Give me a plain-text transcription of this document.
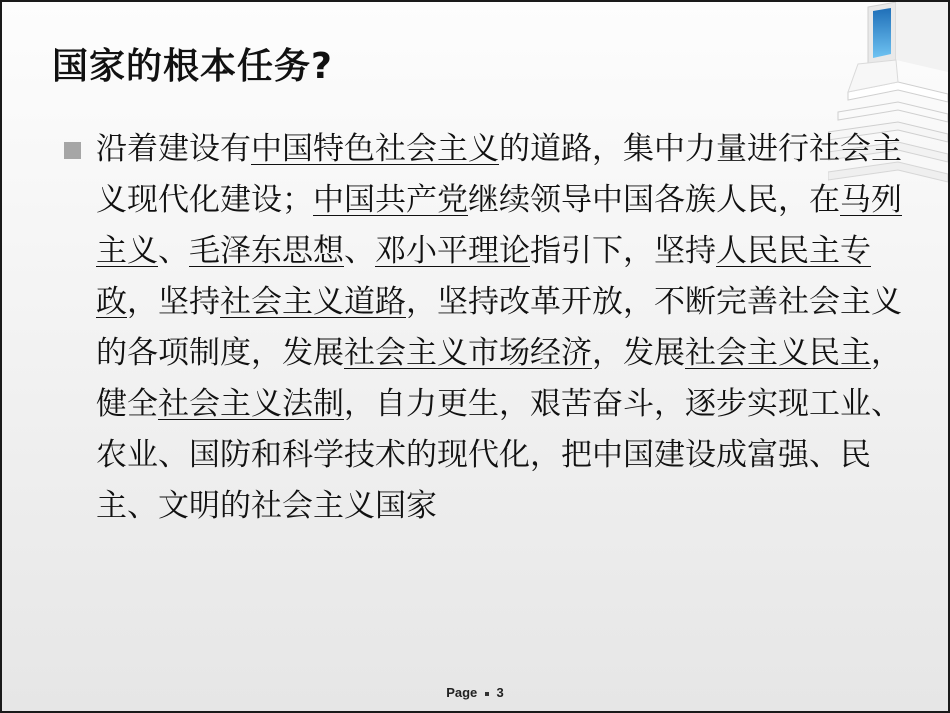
国家的根本任务?

沿着建设有中国特色社会主义的道路，集中力量进行社会主义现代化建设；中国共产党继续领导中国各族人民，在马列主义、毛泽东思想、邓小平理论指引下，坚持人民民主专政，坚持社会主义道路，坚持改革开放，不断完善社会主义的各项制度，发展社会主义市场经济，发展社会主义民主，健全社会主义法制，自力更生，艰苦奋斗，逐步实现工业、农业、国防和科学技术的现代化，把中国建设成富强、民主、文明的社会主义国家

Page 3
